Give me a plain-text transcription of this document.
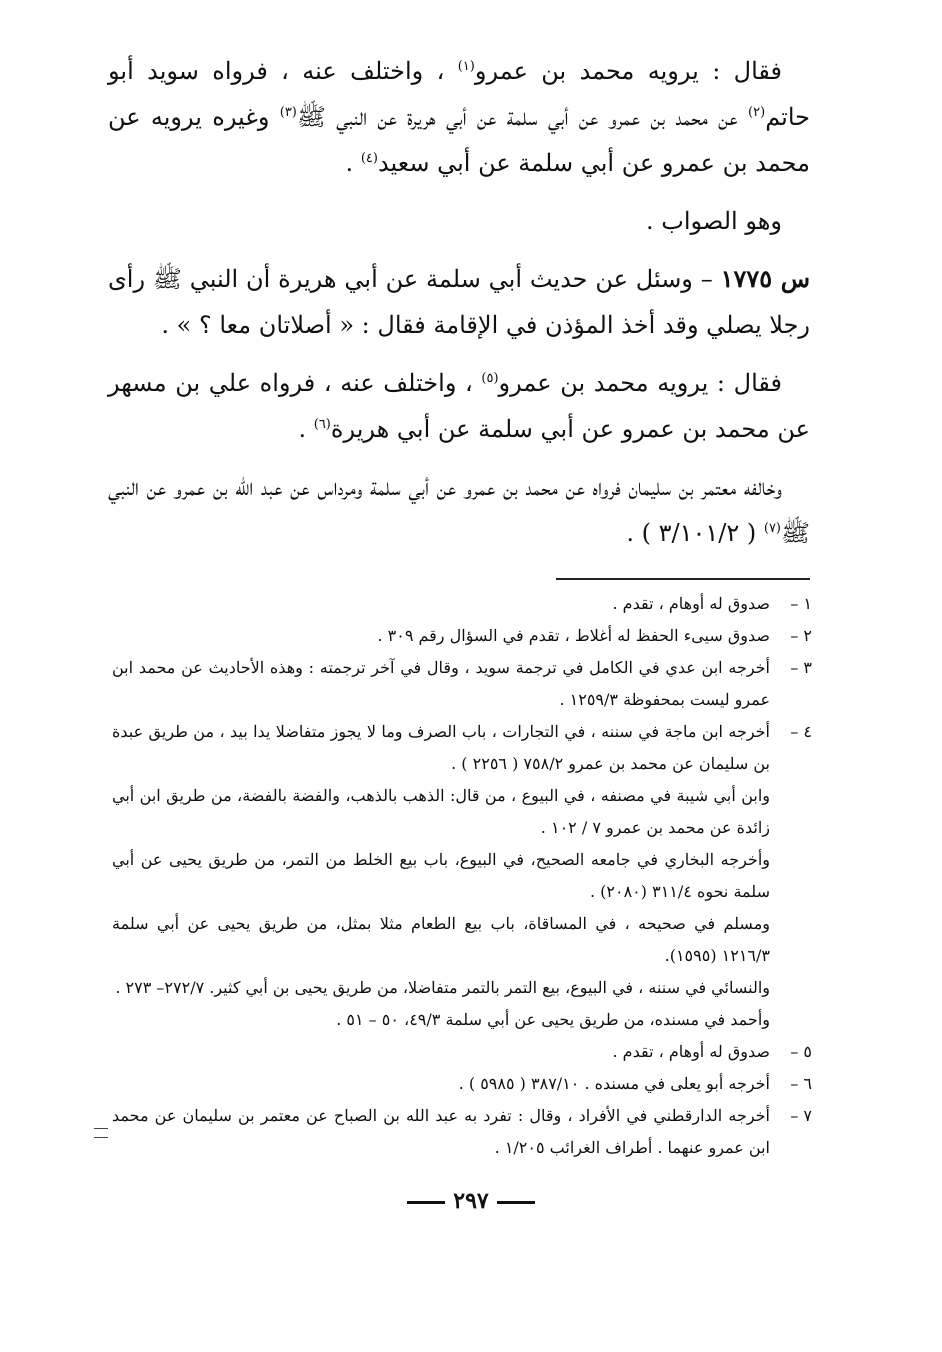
فقال : يرويه محمد بن عمرو$^{(١)}$ ، واختلف عنه ، فرواه سويد أبو حاتم$^{(٢)}$ عن محمد بن عمرو عن أبي سلمة عن أبي هريرة عن النبي ﷺ$^{(٣)}$ وغيره يرويه عن محمد بن عمرو عن أبي سلمة عن أبي سعيد$^{(٤)}$ .

وهو الصواب .

س ١٧٧٥ – وسئل عن حديث أبي سلمة عن أبي هريرة أن النبي ﷺ رأى رجلا يصلي وقد أخذ المؤذن في الإقامة فقال : « أصلاتان معا ؟ » .

فقال : يرويه محمد بن عمرو$^{(٥)}$ ، واختلف عنه ، فرواه علي بن مسهر عن محمد بن عمرو عن أبي سلمة عن أبي هريرة$^{(٦)}$ .

وخالفه معتمر بن سليمان فرواه عن محمد بن عمرو عن أبي سلمة ومرداس عن عبد الله بن عمرو عن النبي ﷺ$^{(٧)}$ ( ٣/١٠١/٢ ) .

١ –
صدوق له أوهام ، تقدم .
٢ –
صدوق سيىء الحفظ له أغلاط ، تقدم في السؤال رقم ٣٠٩ .
٣ –
أخرجه ابن عدي في الكامل في ترجمة سويد ، وقال في آخر ترجمته : وهذه الأحاديث عن محمد ابن عمرو ليست بمحفوظة ١٢٥٩/٣ .
٤ –
أخرجه ابن ماجة في سننه ، في التجارات ، باب الصرف وما لا يجوز متفاضلا يدا بيد ، من طريق عبدة بن سليمان عن محمد بن عمرو ٧٥٨/٢ ( ٢٢٥٦ ) .
وابن أبي شيبة في مصنفه ، في البيوع ، من قال: الذهب بالذهب، والفضة بالفضة، من طريق ابن أبي زائدة عن محمد بن عمرو ٧ / ١٠٢ .
وأخرجه البخاري في جامعه الصحيح، في البيوع، باب بيع الخلط من التمر، من طريق يحيى عن أبي سلمة نحوه ٣١١/٤ (٢٠٨٠) .
ومسلم في صحيحه ، في المساقاة، باب بيع الطعام مثلا بمثل، من طريق يحيى عن أبي سلمة ١٢١٦/٣ (١٥٩٥).
والنسائي في سننه ، في البيوع، بيع التمر بالتمر متفاضلا، من طريق يحيى بن أبي كثير. ٢٧٢/٧– ٢٧٣ .
وأحمد في مسنده، من طريق يحيى عن أبي سلمة ٤٩/٣، ٥٠ – ٥١ .
٥ –
صدوق له أوهام ، تقدم .
٦ –
أخرجه أبو يعلى في مسنده . ٣٨٧/١٠ ( ٥٩٨٥ ) .
٧ –
أخرجه الدارقطني في الأفراد ، وقال : تفرد به عبد الله بن الصباح عن معتمر بن سليمان عن محمد ابن عمرو عنهما . أطراف الغرائب ١/٢٠٥ .
٢٩٧
